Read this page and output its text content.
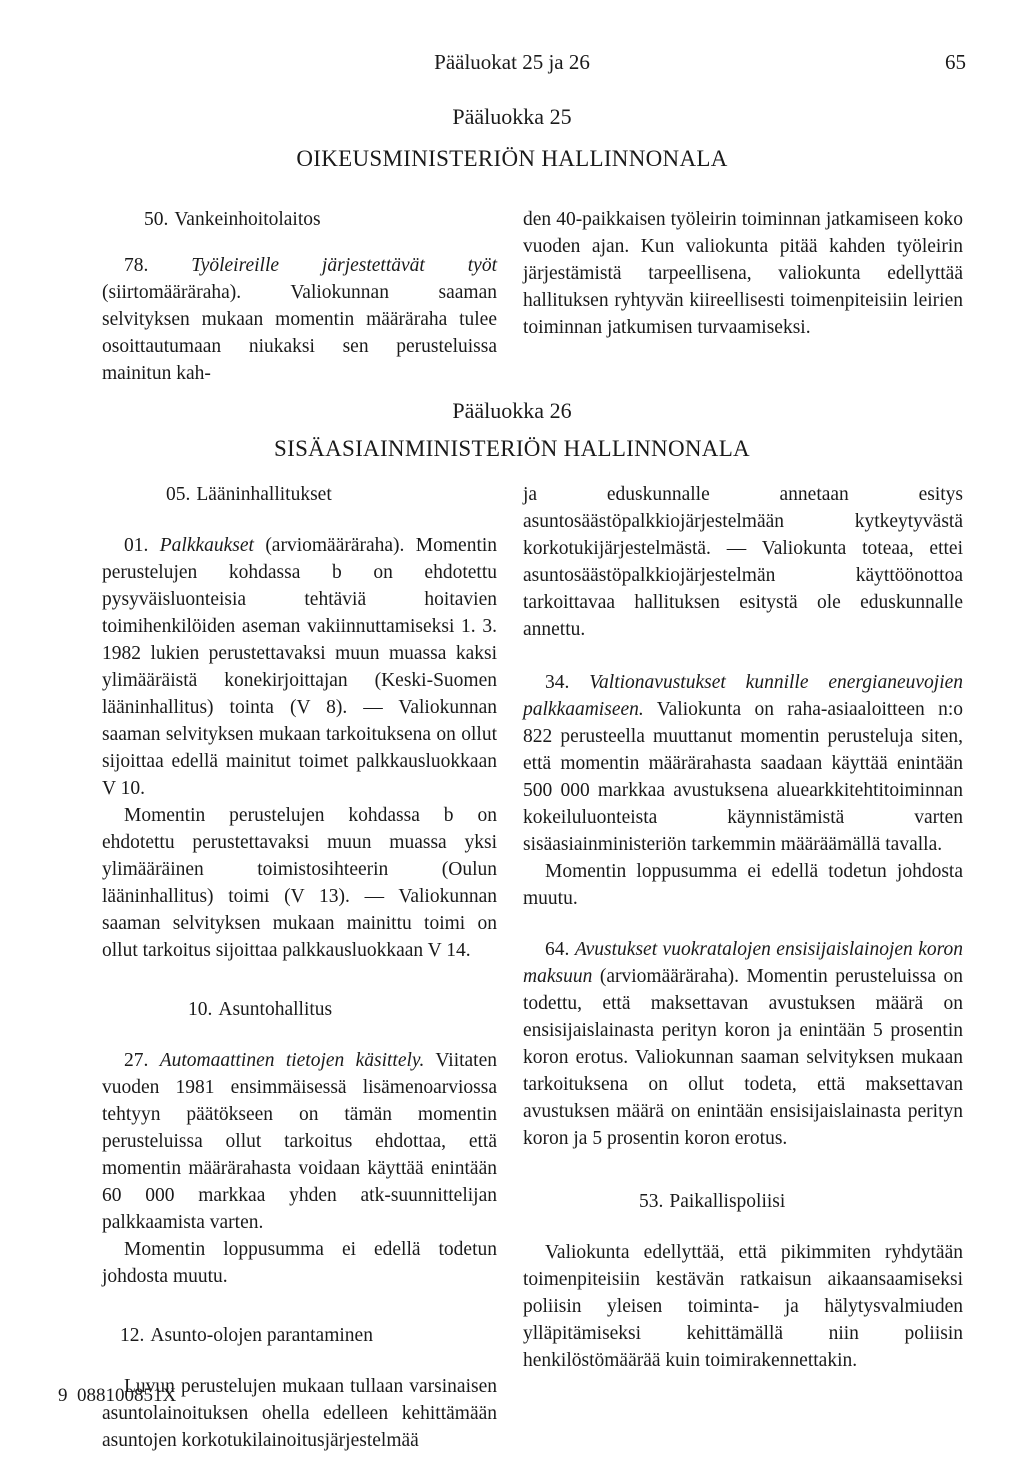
Pääluokat 25 ja 26	65
Pääluokka 25
OIKEUSMINISTERIÖN HALLINNONALA

50. Vankeinhoitolaitos

78. Työleireille järjestettävät työt (siirtomääräraha).	Valiokunnan saaman selvityksen mukaan momentin määräraha tulee osoittautumaan niukaksi sen perusteluissa mainitun kah-

den 40-paikkaisen työleirin toiminnan jatkamiseen koko vuoden ajan. Kun valiokunta pitää kahden työleirin järjestämistä tarpeellisena, valiokunta edellyttää hallituksen ryhtyvän kiireellisesti toimenpiteisiin leirien toiminnan jatkumisen turvaamiseksi.

Pääluokka 26
SISÄASIAINMINISTERIÖN HALLINNONALA

05. Lääninhallitukset

01. Palkkaukset (arviomääräraha). Momentin perustelujen kohdassa b on ehdotettu pysyväisluonteisia tehtäviä hoitavien toimihenkilöiden aseman vakiinnuttamiseksi 1. 3. 1982 lukien perustettavaksi muun muassa kaksi ylimääräistä konekirjoittajan (Keski-Suomen lääninhallitus) tointa (V 8). — Valiokunnan saaman selvityksen mukaan tarkoituksena on ollut sijoittaa edellä mainitut toimet palkkausluokkaan V 10.

Momentin perustelujen kohdassa b on ehdotettu perustettavaksi muun muassa yksi ylimääräinen toimistosihteerin (Oulun lääninhallitus) toimi (V 13). — Valiokunnan saaman selvityksen mukaan mainittu toimi on ollut tarkoitus sijoittaa palkkausluokkaan V 14.

10. Asuntohallitus

27. Automaattinen tietojen käsittely. Viitaten vuoden 1981 ensimmäisessä lisämenoarviossa tehtyyn päätökseen on tämän momentin perusteluissa ollut tarkoitus ehdottaa, että momentin määrärahasta voidaan käyttää enintään 60 000 markkaa yhden atk-suunnittelijan palkkaamista varten.

Momentin loppusumma ei edellä todetun johdosta muutu.

12. Asunto-olojen parantaminen

Luvun perustelujen mukaan tullaan varsinaisen asuntolainoituksen ohella edelleen kehittämään asuntojen korkotukilainoitusjärjestelmää

ja eduskunnalle annetaan esitys asuntosäästöpalkkiojärjestelmään kytkeytyvästä korkotukijärjestelmästä. — Valiokunta toteaa, ettei asuntosäästöpalkkiojärjestelmän käyttöönottoa tarkoittavaa hallituksen esitystä ole eduskunnalle annettu.

34. Valtionavustukset kunnille energianeuvojien palkkaamiseen. Valiokunta on raha-asiaaloitteen n:o 822 perusteella muuttanut momentin perusteluja siten, että momentin määrärahasta saadaan käyttää enintään 500 000 markkaa avustuksena aluearkkitehtitoiminnan kokeiluluonteista käynnistämistä varten sisäasiainministeriön tarkemmin määräämällä tavalla.

Momentin loppusumma ei edellä todetun johdosta muutu.

64. Avustukset vuokratalojen ensisijaislainojen koron maksuun (arviomääräraha). Momentin perusteluissa on todettu, että maksettavan avustuksen määrä on ensisijaislainasta perityn koron ja enintään 5 prosentin koron erotus. Valiokunnan saaman selvityksen mukaan tarkoituksena on ollut todeta, että maksettavan avustuksen määrä on enintään ensisijaislainasta perityn koron ja 5 prosentin koron erotus.

53. Paikallispoliisi

Valiokunta edellyttää, että pikimmiten ryhdytään toimenpiteisiin kestävän ratkaisun aikaansaamiseksi poliisin yleisen toiminta- ja hälytysvalmiuden ylläpitämiseksi kehittämällä niin poliisin henkilöstömäärää kuin toimirakennettakin.

9  088100851X
